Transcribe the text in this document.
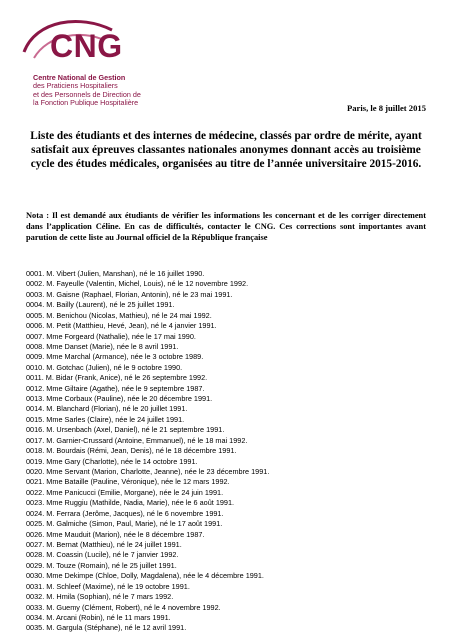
CNG
Centre National de Gestion
des Praticiens Hospitaliers
et des Personnels de Direction de
la Fonction Publique Hospitalière
Paris, le 8 juillet 2015
Liste des étudiants et des internes de médecine, classés par ordre de mérite, ayant satisfait aux épreuves classantes nationales anonymes donnant accès au troisième cycle des études médicales, organisées au titre de l’année universitaire 2015-2016.
Nota : Il est demandé aux étudiants de vérifier les informations les concernant et de les corriger directement dans l’application Céline. En cas de difficultés, contacter le CNG. Ces corrections sont importantes avant parution de cette liste au Journal officiel de la République française
0001. M. Vibert (Julien, Manshan), né le 16 juillet 1990.
0002. M. Fayeulle (Valentin, Michel, Louis), né le 12 novembre 1992.
0003. M. Gaisne (Raphael, Florian, Antonin), né le 23 mai 1991.
0004. M. Bailly (Laurent), né le 25 juillet 1991.
0005. M. Benichou (Nicolas, Mathieu), né le 24 mai 1992.
0006. M. Petit (Matthieu, Hevé, Jean), né le 4 janvier 1991.
0007. Mme Forgeard (Nathalie), née le 17 mai 1990.
0008. Mme Danset (Marie), née le 8 avril 1991.
0009. Mme Marchal (Armance), née le 3 octobre 1989.
0010. M. Gotchac (Julien), né le 9 octobre 1990.
0011. M. Bidar (Frank, Anice), né le 26 septembre 1992.
0012. Mme Giltaire (Agathe), née le 9 septembre 1987.
0013. Mme Corbaux (Pauline), née le 20 décembre 1991.
0014. M. Blanchard (Florian), né le 20 juillet 1991.
0015. Mme Sarles (Claire), née le 24 juillet 1991.
0016. M. Ursenbach (Axel, Daniel), né le 21 septembre 1991.
0017. M. Garnier-Crussard (Antoine, Emmanuel), né le 18 mai 1992.
0018. M. Bourdais (Rémi, Jean, Denis), né le 18 décembre 1991.
0019. Mme Gary (Charlotte), née le 14 octobre 1991.
0020. Mme Servant (Marion, Charlotte, Jeanne), née le 23 décembre 1991.
0021. Mme Bataille (Pauline, Véronique), née le 12 mars 1992.
0022. Mme Panicucci (Emilie, Morgane), née le 24 juin 1991.
0023. Mme Ruggiu (Mathilde, Nadia, Marie), née le 6 août 1991.
0024. M. Ferrara (Jerôme, Jacques), né le 6 novembre 1991.
0025. M. Galmiche (Simon, Paul, Marie), né le 17 août 1991.
0026. Mme Mauduit (Marion), née le 8 décembre 1987.
0027. M. Bernat (Matthieu), né le 24 juillet 1991.
0028. M. Coassin (Lucile), né le 7 janvier 1992.
0029. M. Touze (Romain), né le 25 juillet 1991.
0030. Mme Dekimpe (Chloe, Dolly, Magdalena), née le 4 décembre 1991.
0031. M. Schleef (Maxime), né le 19 octobre 1991.
0032. M. Hmila (Sophian), né le 7 mars 1992.
0033. M. Guemy (Clément, Robert), né le 4 novembre 1992.
0034. M. Arcani (Robin), né le 11 mars 1991.
0035. M. Gargula (Stéphane), né le 12 avril 1991.
